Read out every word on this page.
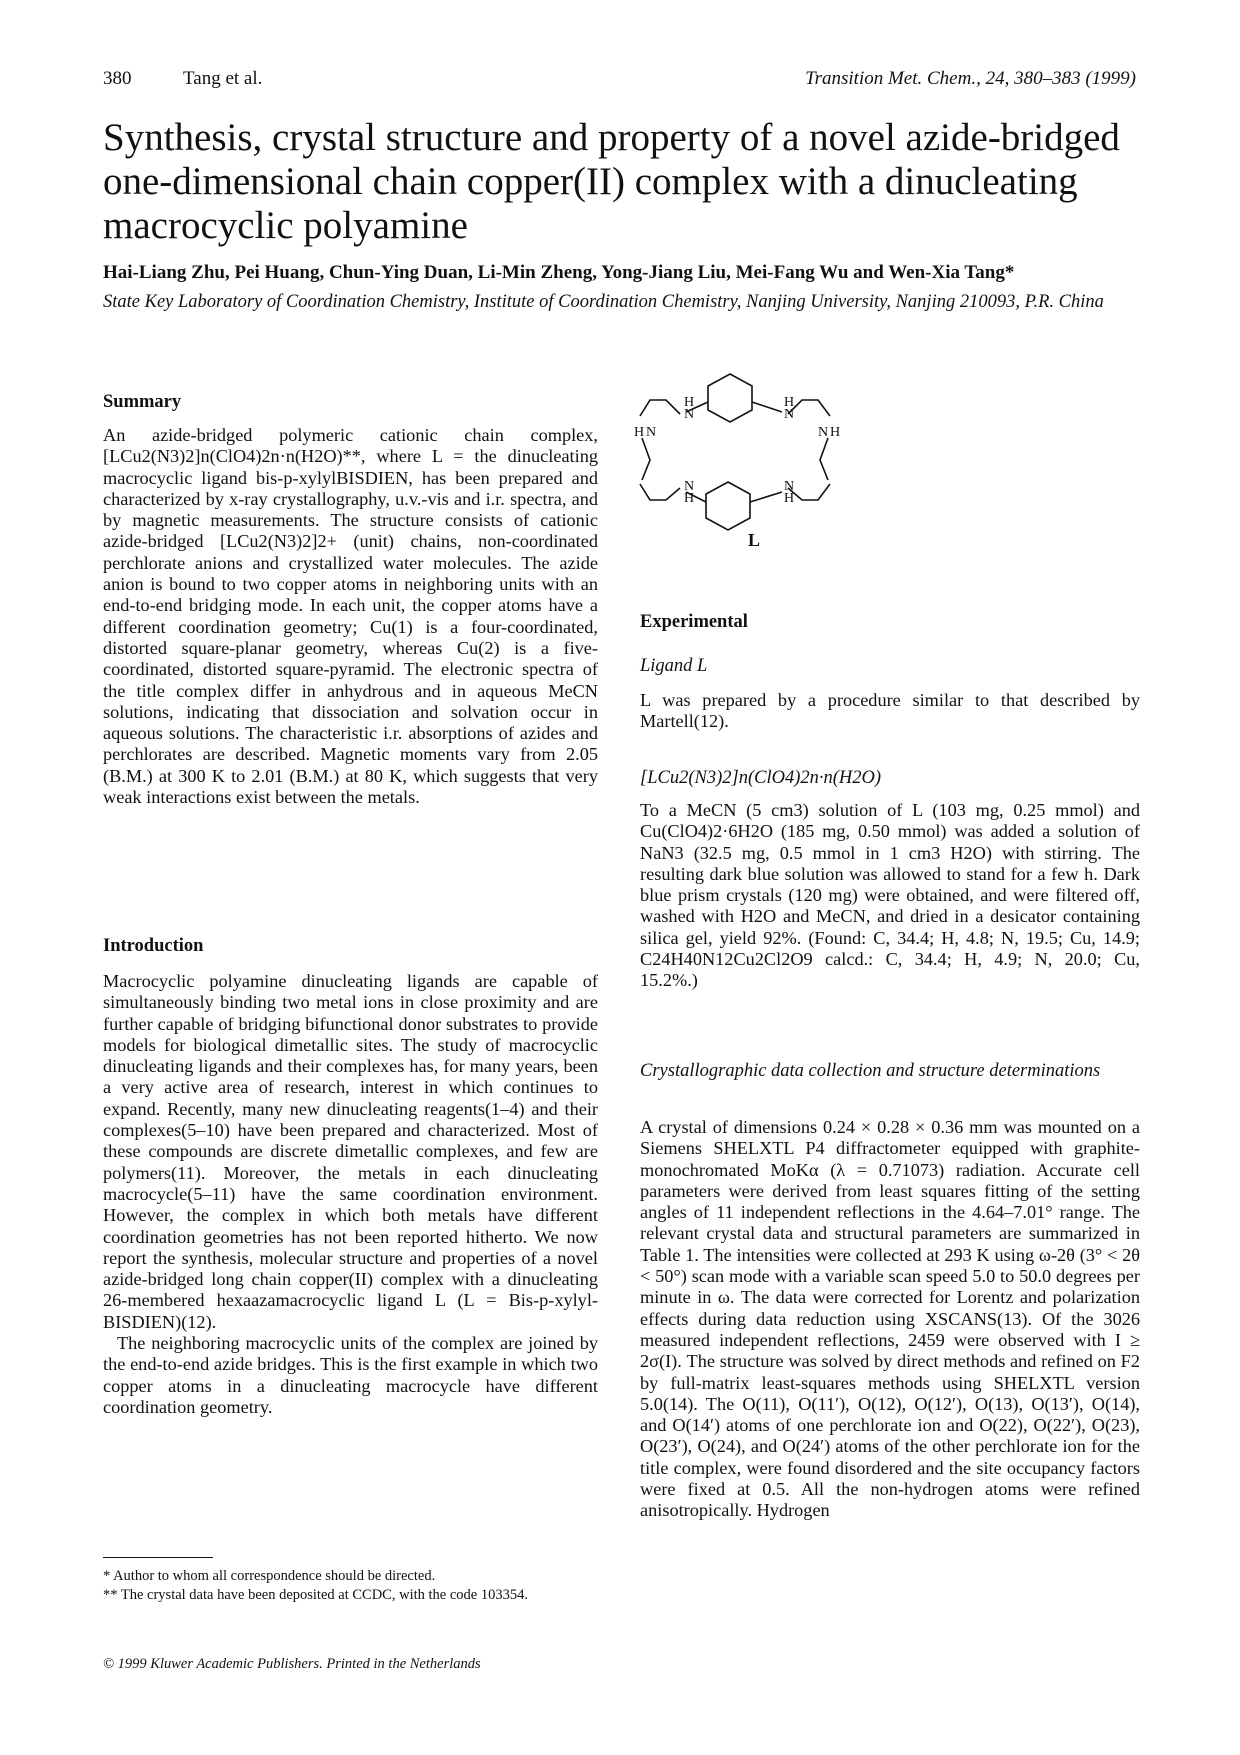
380	Tang et al.	Transition Met. Chem., 24, 380–383 (1999)
Synthesis, crystal structure and property of a novel azide-bridged one-dimensional chain copper(II) complex with a dinucleating macrocyclic polyamine
Hai-Liang Zhu, Pei Huang, Chun-Ying Duan, Li-Min Zheng, Yong-Jiang Liu, Mei-Fang Wu and Wen-Xia Tang*
State Key Laboratory of Coordination Chemistry, Institute of Coordination Chemistry, Nanjing University, Nanjing 210093, P.R. China
Summary

An azide-bridged polymeric cationic chain complex, [LCu2(N3)2]n(ClO4)2n·n(H2O)**, where L = the dinucleating macrocyclic ligand bis-p-xylylBISDIEN, has been prepared and characterized by x-ray crystallography, u.v.-vis and i.r. spectra, and by magnetic measurements. The structure consists of cationic azide-bridged [LCu2(N3)2]2+ (unit) chains, non-coordinated perchlorate anions and crystallized water molecules. The azide anion is bound to two copper atoms in neighboring units with an end-to-end bridging mode. In each unit, the copper atoms have a different coordination geometry; Cu(1) is a four-coordinated, distorted square-planar geometry, whereas Cu(2) is a five-coordinated, distorted square-pyramid. The electronic spectra of the title complex differ in anhydrous and in aqueous MeCN solutions, indicating that dissociation and solvation occur in aqueous solutions. The characteristic i.r. absorptions of azides and perchlorates are described. Magnetic moments vary from 2.05 (B.M.) at 300 K to 2.01 (B.M.) at 80 K, which suggests that very weak interactions exist between the metals.

Introduction

Macrocyclic polyamine dinucleating ligands are capable of simultaneously binding two metal ions in close proximity and are further capable of bridging bifunctional donor substrates to provide models for biological dimetallic sites. The study of macrocyclic dinucleating ligands and their complexes has, for many years, been a very active area of research, interest in which continues to expand. Recently, many new dinucleating reagents(1–4) and their complexes(5–10) have been prepared and characterized. Most of these compounds are discrete dimetallic complexes, and few are polymers(11). Moreover, the metals in each dinucleating macrocycle(5–11) have the same coordination environment. However, the complex in which both metals have different coordination geometries has not been reported hitherto. We now report the synthesis, molecular structure and properties of a novel azide-bridged long chain copper(II) complex with a dinucleating 26-membered hexaazamacrocyclic ligand L (L = Bis-p-xylyl-BISDIEN)(12).

The neighboring macrocyclic units of the complex are joined by the end-to-end azide bridges. This is the first example in which two copper atoms in a dinucleating macrocycle have different coordination geometry.

* Author to whom all correspondence should be directed.
** The crystal data have been deposited at CCDC, with the code 103354.
© 1999 Kluwer Academic Publishers. Printed in the Netherlands
H
N
H
N
H N	N H
N
H
N
H
L
Experimental
Ligand L

L was prepared by a procedure similar to that described by Martell(12).

[LCu2(N3)2]n(ClO4)2n·n(H2O)

To a MeCN (5 cm3) solution of L (103 mg, 0.25 mmol) and Cu(ClO4)2·6H2O (185 mg, 0.50 mmol) was added a solution of NaN3 (32.5 mg, 0.5 mmol in 1 cm3 H2O) with stirring. The resulting dark blue solution was allowed to stand for a few h. Dark blue prism crystals (120 mg) were obtained, and were filtered off, washed with H2O and MeCN, and dried in a desicator containing silica gel, yield 92%. (Found: C, 34.4; H, 4.8; N, 19.5; Cu, 14.9; C24H40N12Cu2Cl2O9 calcd.: C, 34.4; H, 4.9; N, 20.0; Cu, 15.2%.)

Crystallographic data collection and structure determinations

A crystal of dimensions 0.24 × 0.28 × 0.36 mm was mounted on a Siemens SHELXTL P4 diffractometer equipped with graphite-monochromated MoKα (λ = 0.71073) radiation. Accurate cell parameters were derived from least squares fitting of the setting angles of 11 independent reflections in the 4.64–7.01° range. The relevant crystal data and structural parameters are summarized in Table 1. The intensities were collected at 293 K using ω-2θ (3° < 2θ < 50°) scan mode with a variable scan speed 5.0 to 50.0 degrees per minute in ω. The data were corrected for Lorentz and polarization effects during data reduction using XSCANS(13). Of the 3026 measured independent reflections, 2459 were observed with I ≥ 2σ(I). The structure was solved by direct methods and refined on F2 by full-matrix least-squares methods using SHELXTL version 5.0(14). The O(11), O(11′), O(12), O(12′), O(13), O(13′), O(14), and O(14′) atoms of one perchlorate ion and O(22), O(22′), O(23), O(23′), O(24), and O(24′) atoms of the other perchlorate ion for the title complex, were found disordered and the site occupancy factors were fixed at 0.5. All the non-hydrogen atoms were refined anisotropically. Hydrogen
